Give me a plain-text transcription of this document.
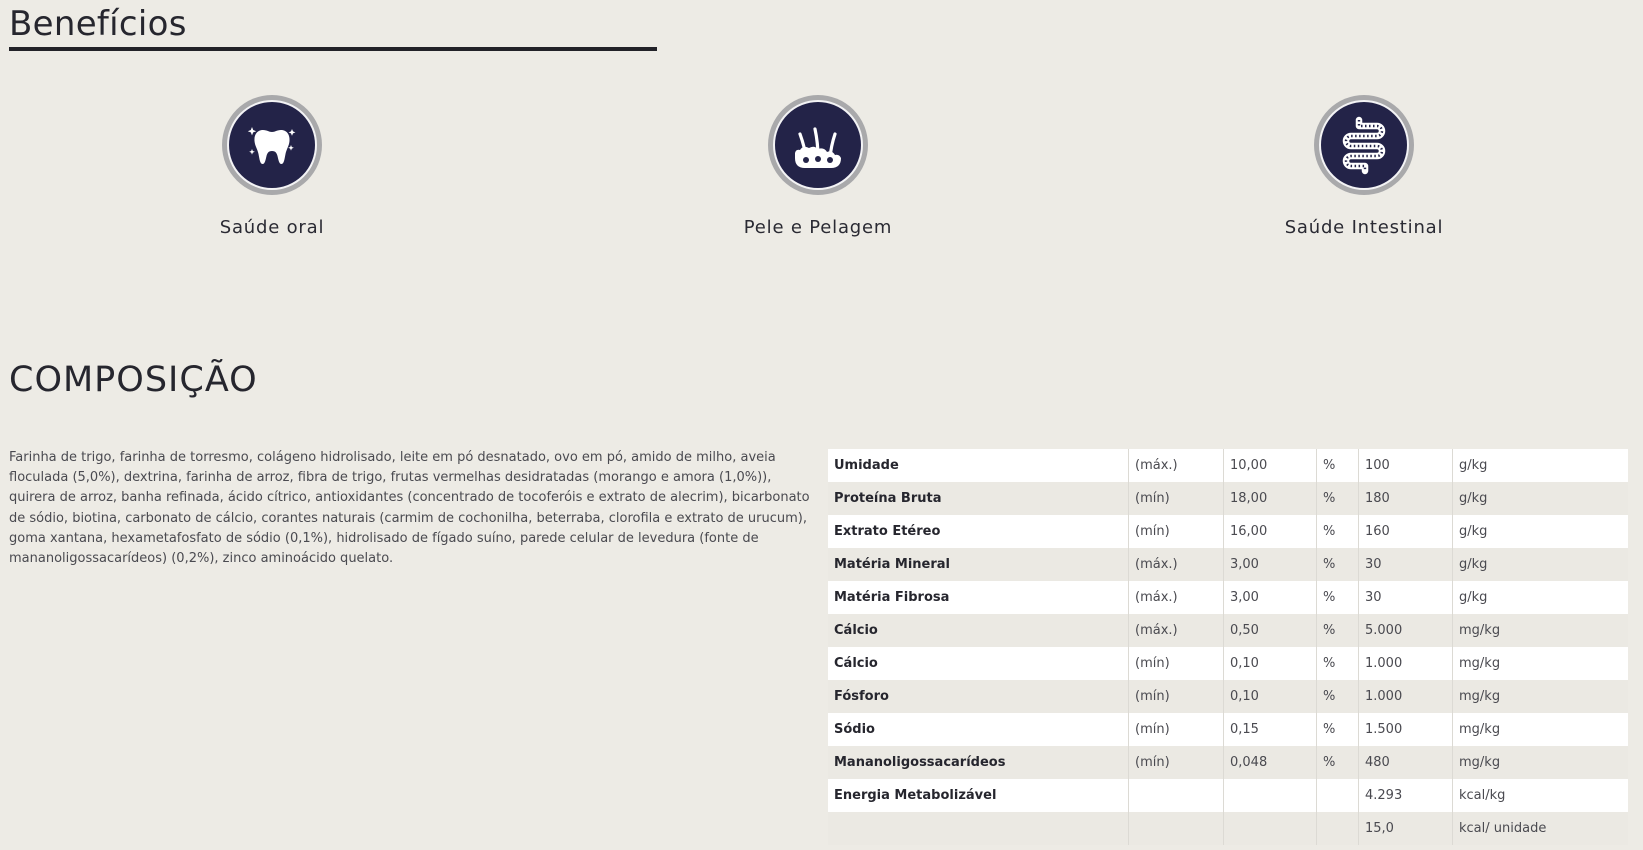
Benefícios
Saúde oral	Pele e Pelagem	Saúde Intestinal
COMPOSIÇÃO

Farinha de trigo, farinha de torresmo, colágeno hidrolisado, leite em pó desnatado, ovo em pó, amido de milho, aveia floculada (5,0%), dextrina, farinha de arroz, fibra de trigo, frutas vermelhas desidratadas (morango e amora (1,0%)), quirera de arroz, banha refinada, ácido cítrico, antioxidantes (concentrado de tocoferóis e extrato de alecrim), bicarbonato de sódio, biotina, carbonato de cálcio, corantes naturais (carmim de cochonilha, beterraba, clorofila e extrato de urucum), goma xantana, hexametafosfato de sódio (0,1%), hidrolisado de fígado suíno, parede celular de levedura (fonte de mananoligossacarídeos) (0,2%), zinco aminoácido quelato.

Umidade	(máx.)	10,00	%	100	g/kg
Proteína Bruta	(mín)	18,00	%	180	g/kg
Extrato Etéreo	(mín)	16,00	%	160	g/kg
Matéria Mineral	(máx.)	3,00	%	30	g/kg
Matéria Fibrosa	(máx.)	3,00	%	30	g/kg
Cálcio	(máx.)	0,50	%	5.000	mg/kg
Cálcio	(mín)	0,10	%	1.000	mg/kg
Fósforo	(mín)	0,10	%	1.000	mg/kg
Sódio	(mín)	0,15	%	1.500	mg/kg
Mananoligossacarídeos	(mín)	0,048	%	480	mg/kg
Energia Metabolizável				4.293	kcal/kg
				15,0	kcal/ unidade
